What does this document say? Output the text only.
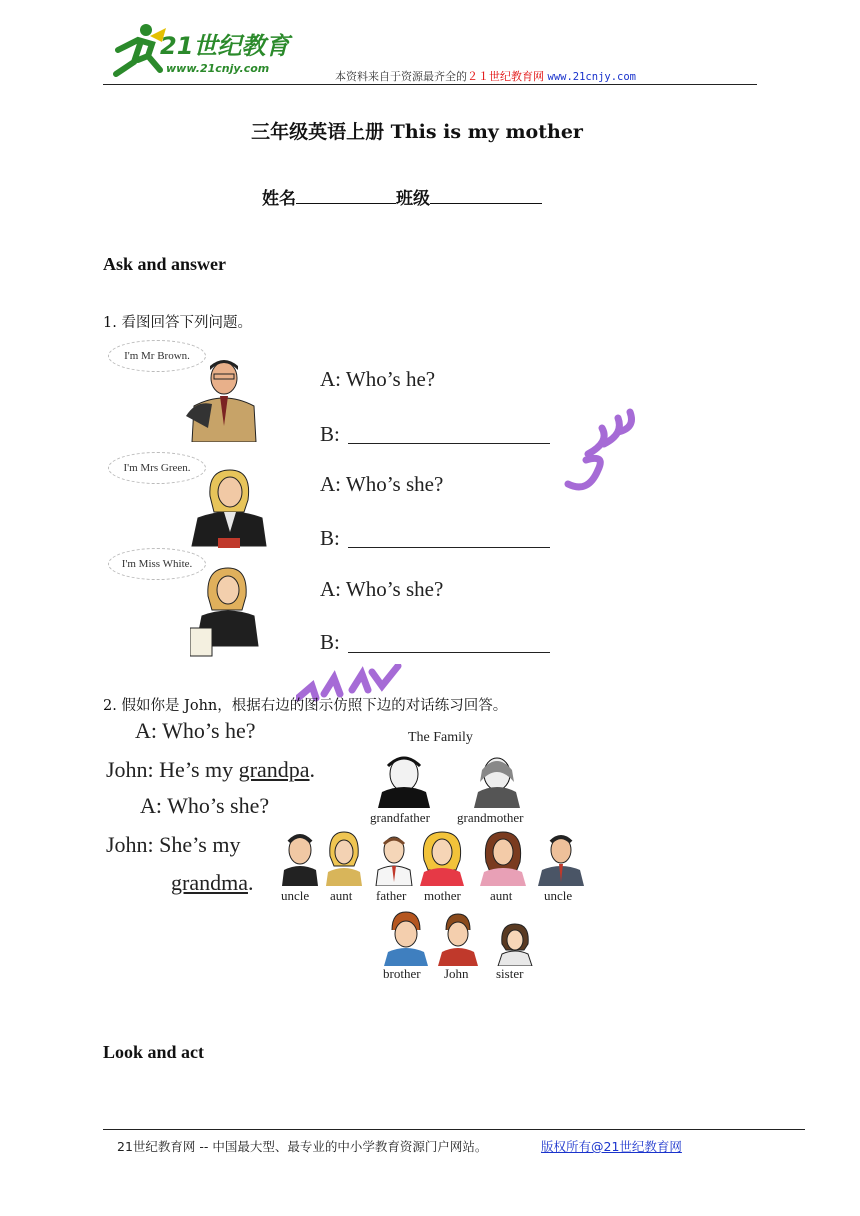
21世纪教育
www.21cnjy.com
本资料来自于资源最齐全的２１世纪教育网 www.21cnjy.com
三年级英语上册 This is my mother
姓名	班级
Ask and answer
1. 看图回答下列问题。
I'm Mr Brown.
A: Who’s he?
B:
I'm Mrs Green.
A: Who’s she?
B:
I'm Miss White.
A: Who’s she?
B:
2. 假如你是 John，根据右边的图示仿照下边的对话练习回答。
A: Who’s he?
John: He’s my grandpa.
A: Who’s she?
John: She’s my
grandma.
The Family
grandfather grandmother
uncle aunt father mother aunt uncle
brother John sister
Look and act
21世纪教育网 -- 中国最大型、最专业的中小学教育资源门户网站。	版权所有@21世纪教育网
